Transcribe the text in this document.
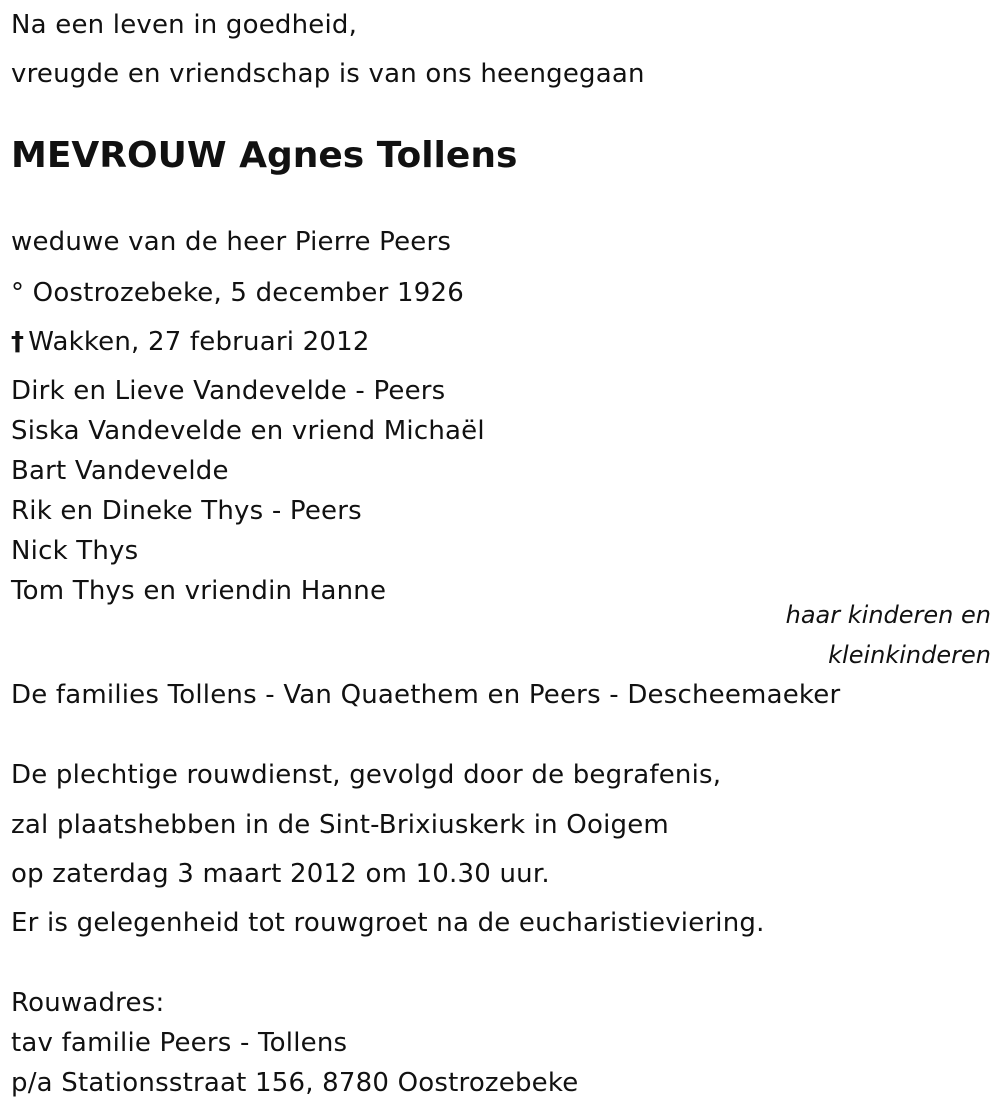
Na een leven in goedheid,

vreugde en vriendschap is van ons heengegaan

MEVROUW Agnes Tollens

weduwe van de heer Pierre Peers

° Oostrozebeke, 5 december 1926

† Wakken, 27 februari 2012

Dirk en Lieve Vandevelde - Peers

Siska Vandevelde en vriend Michaël

Bart Vandevelde

Rik en Dineke Thys - Peers

Nick Thys

Tom Thys en vriendin Hanne

haar kinderen en

kleinkinderen

De families Tollens - Van Quaethem en Peers - Descheemaeker

De plechtige rouwdienst, gevolgd door de begrafenis,

zal plaatshebben in de Sint-Brixiuskerk in Ooigem

op zaterdag 3 maart 2012 om 10.30 uur.

Er is gelegenheid tot rouwgroet na de eucharistieviering.

Rouwadres:

tav familie Peers - Tollens

p/a Stationsstraat 156, 8780 Oostrozebeke
